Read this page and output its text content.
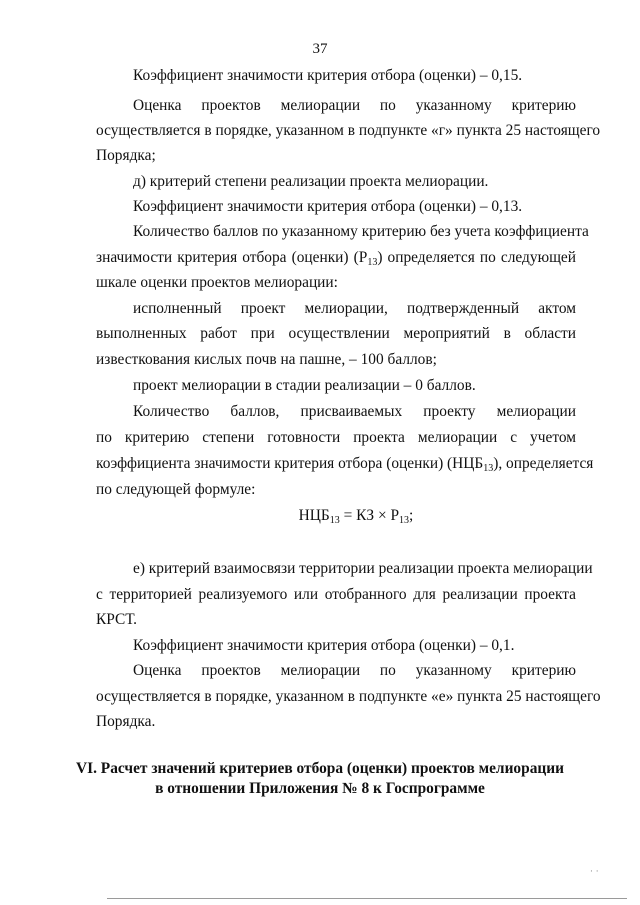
37
Коэффициент значимости критерия отбора (оценки) – 0,15.
Оценка проектов мелиорации по указанному критерию
осуществляется в порядке, указанном в подпункте «г» пункта 25 настоящего
Порядка;
д) критерий степени реализации проекта мелиорации.
Коэффициент значимости критерия отбора (оценки) – 0,13.
Количество баллов по указанному критерию без учета коэффициента
значимости критерия отбора (оценки) $(Р_{13})$ определяется по следующей
шкале оценки проектов мелиорации:
исполненный проект мелиорации, подтвержденный актом
выполненных работ при осуществлении мероприятий в области
известкования кислых почв на пашне, – 100 баллов;
проект мелиорации в стадии реализации – 0 баллов.
Количество баллов, присваиваемых проекту мелиорации
по критерию степени готовности проекта мелиорации с учетом
коэффициента значимости критерия отбора (оценки) $(НЦБ_{13})$, определяется
по следующей формуле:
$НЦБ_{13}$ = КЗ × $Р_{13}$;
е) критерий взаимосвязи территории реализации проекта мелиорации
с территорией реализуемого или отобранного для реализации проекта
КРСТ.
Коэффициент значимости критерия отбора (оценки) – 0,1.
Оценка проектов мелиорации по указанному критерию
осуществляется в порядке, указанном в подпункте «е» пункта 25 настоящего
Порядка.
VI. Расчет значений критериев отбора (оценки) проектов мелиорации
в отношении Приложения № 8 к Госпрограмме
· ·
